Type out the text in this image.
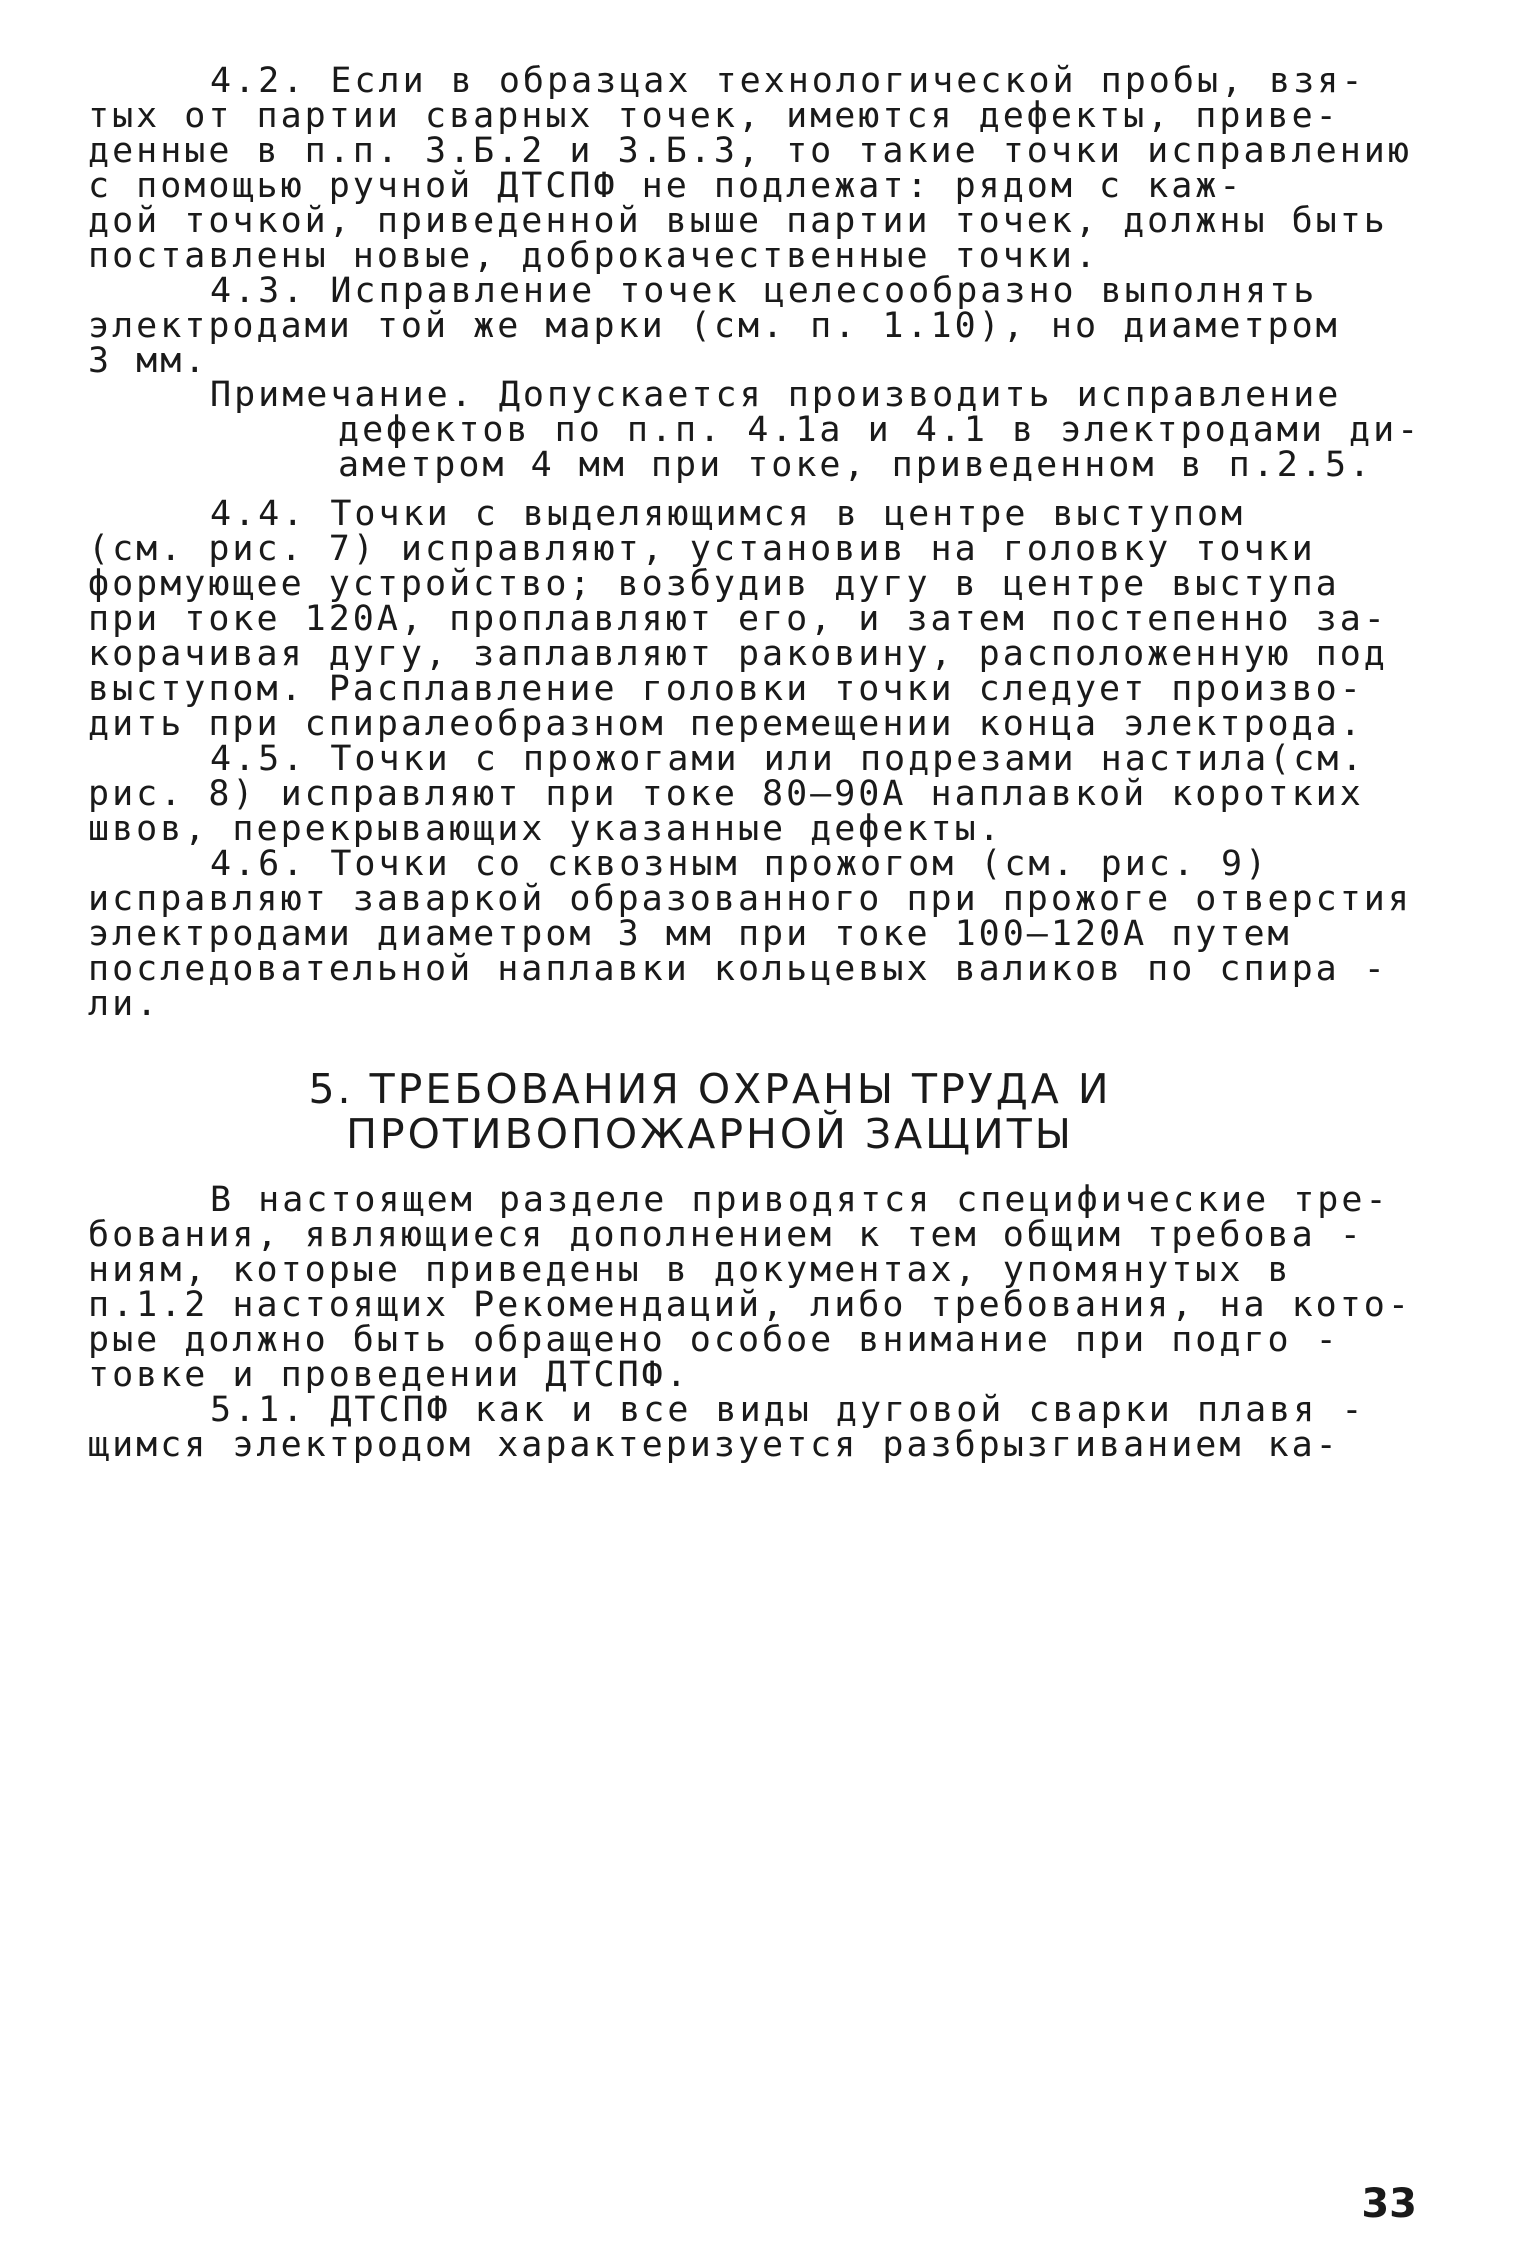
4.2. Если в образцах технологической пробы, взя-
тых от партии сварных точек, имеются дефекты, приве-
денные в п.п. 3.Б.2 и 3.Б.3, то такие точки исправлению
с помощью ручной ДТСПФ не подлежат: рядом с каж-
дой точкой, приведенной выше партии точек, должны быть
поставлены новые, доброкачественные точки.
4.3. Исправление точек целесообразно выполнять
электродами той же марки (см. п. 1.10), но диаметром
3 мм.
Примечание. Допускается производить исправление
дефектов по п.п. 4.1а и 4.1 в электродами ди-
аметром 4 мм при токе, приведенном в п.2.5.
4.4. Точки с выделяющимся в центре выступом
(см. рис. 7) исправляют, установив на головку точки
формующее устройство; возбудив дугу в центре выступа
при токе 120А, проплавляют его, и затем постепенно за-
корачивая дугу, заплавляют раковину, расположенную под
выступом. Расплавление головки точки следует произво-
дить при спиралеобразном перемещении конца электрода.
4.5. Точки с прожогами или подрезами настила(см.
рис. 8) исправляют при токе 80–90А наплавкой коротких
швов, перекрывающих указанные дефекты.
4.6. Точки со сквозным прожогом (см. рис. 9)
исправляют заваркой образованного при прожоге отверстия
электродами диаметром 3 мм при токе 100–120А путем
последовательной наплавки кольцевых валиков по спира -
ли.
5. ТРЕБОВАНИЯ ОХРАНЫ ТРУДА И
ПРОТИВОПОЖАРНОЙ ЗАЩИТЫ
В настоящем разделе приводятся специфические тре-
бования, являющиеся дополнением к тем общим требова -
ниям, которые приведены в документах, упомянутых в
п.1.2 настоящих Рекомендаций, либо требования, на кото-
рые должно быть обращено особое внимание при подго -
товке и проведении ДТСПФ.
5.1. ДТСПФ как и все виды дуговой сварки плавя -
щимся электродом характеризуется разбрызгиванием ка-
33
